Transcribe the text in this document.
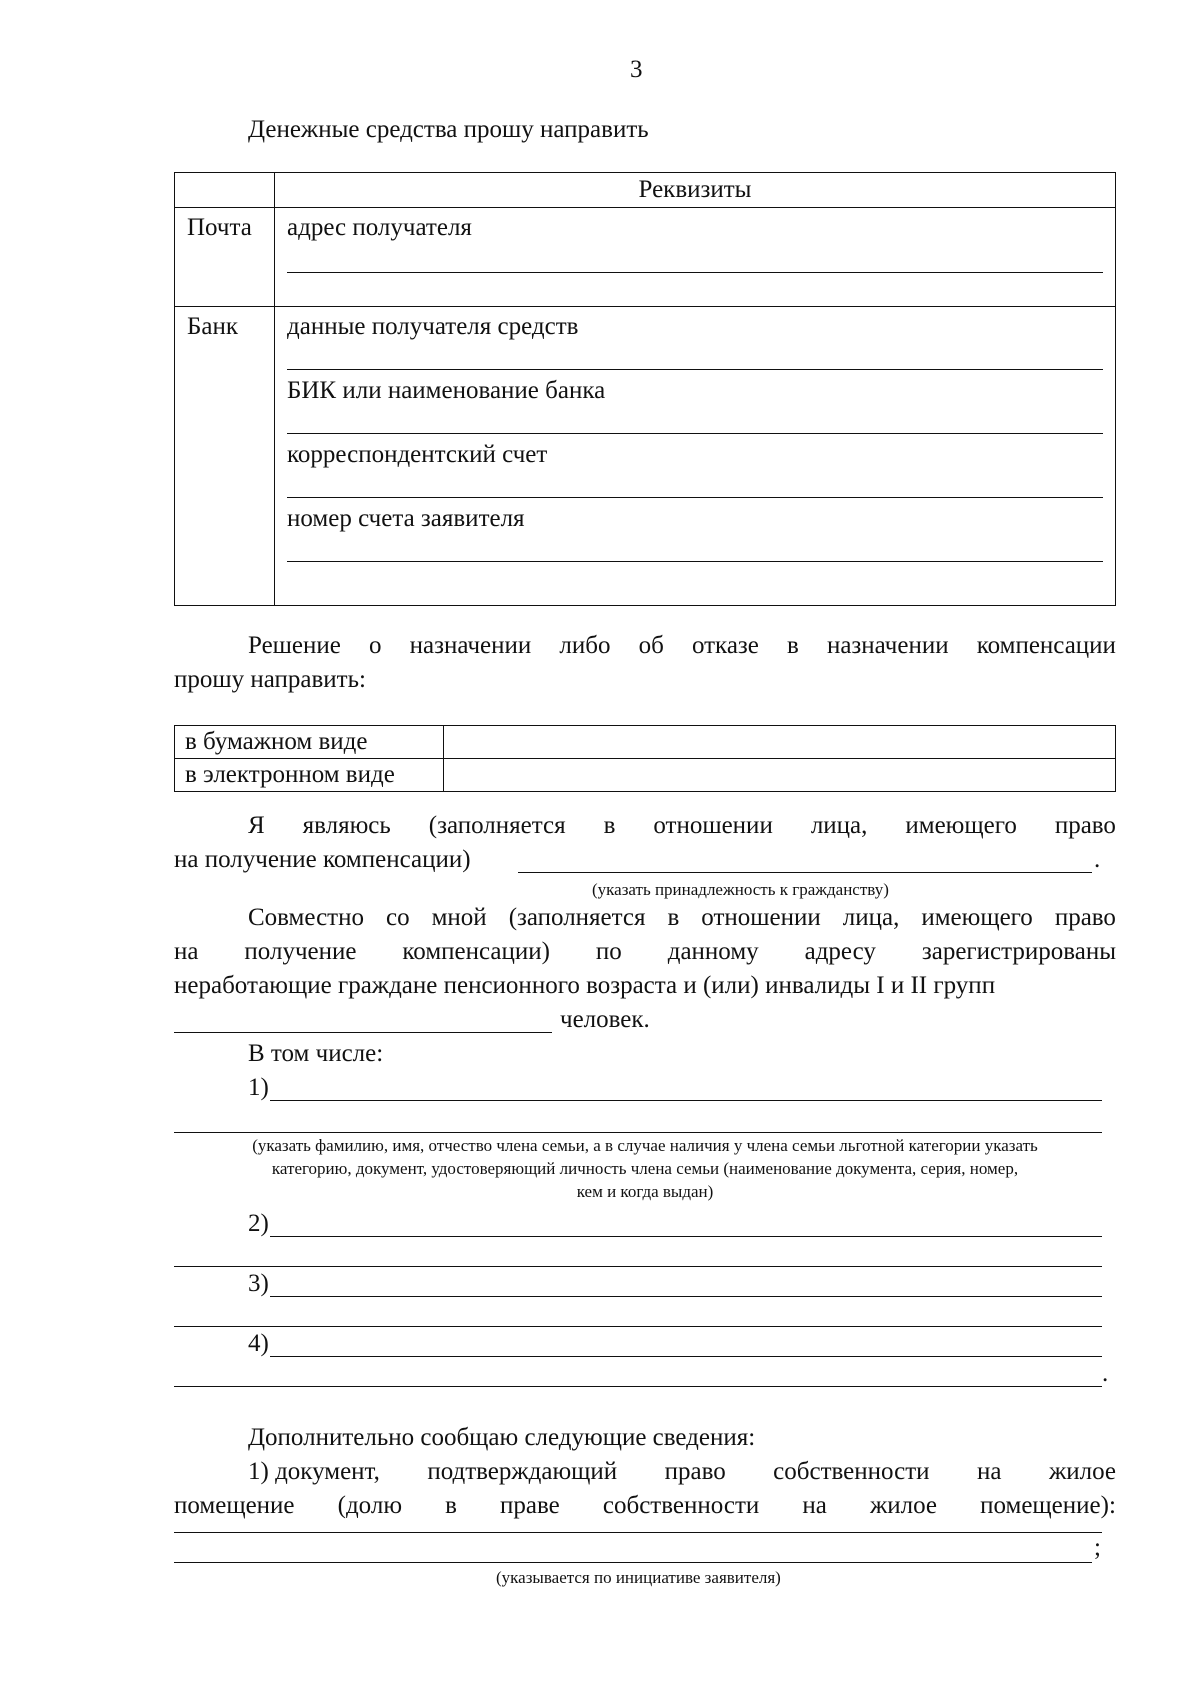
3
Денежные средства прошу направить
	Реквизиты
Почта	адрес получателя

Банк	данные получателя средств
БИК или наименование банка
корреспондентский счет
номер счета заявителя
Решение о назначении либо об отказе в назначении компенсации
прошу направить:
в бумажном виде	
в электронном виде	
Я являюсь (заполняется в отношении лица, имеющего право
на получение компенсации)	.
(указать принадлежность к гражданству)
Совместно со мной (заполняется в отношении лица, имеющего право
на получение компенсации) по данному адресу зарегистрированы
неработающие граждане пенсионного возраста и (или) инвалиды I и II групп
человек.
В том числе:
1)
(указать фамилию, имя, отчество члена семьи, а в случае наличия у члена семьи льготной категории указать
категорию, документ, удостоверяющий личность члена семьи (наименование документа, серия, номер,
кем и когда выдан)
2)
3)
4)
.
Дополнительно сообщаю следующие сведения:
1) документ, подтверждающий право собственности на жилое
помещение (долю в праве собственности на жилое помещение):
;
(указывается по инициативе заявителя)
